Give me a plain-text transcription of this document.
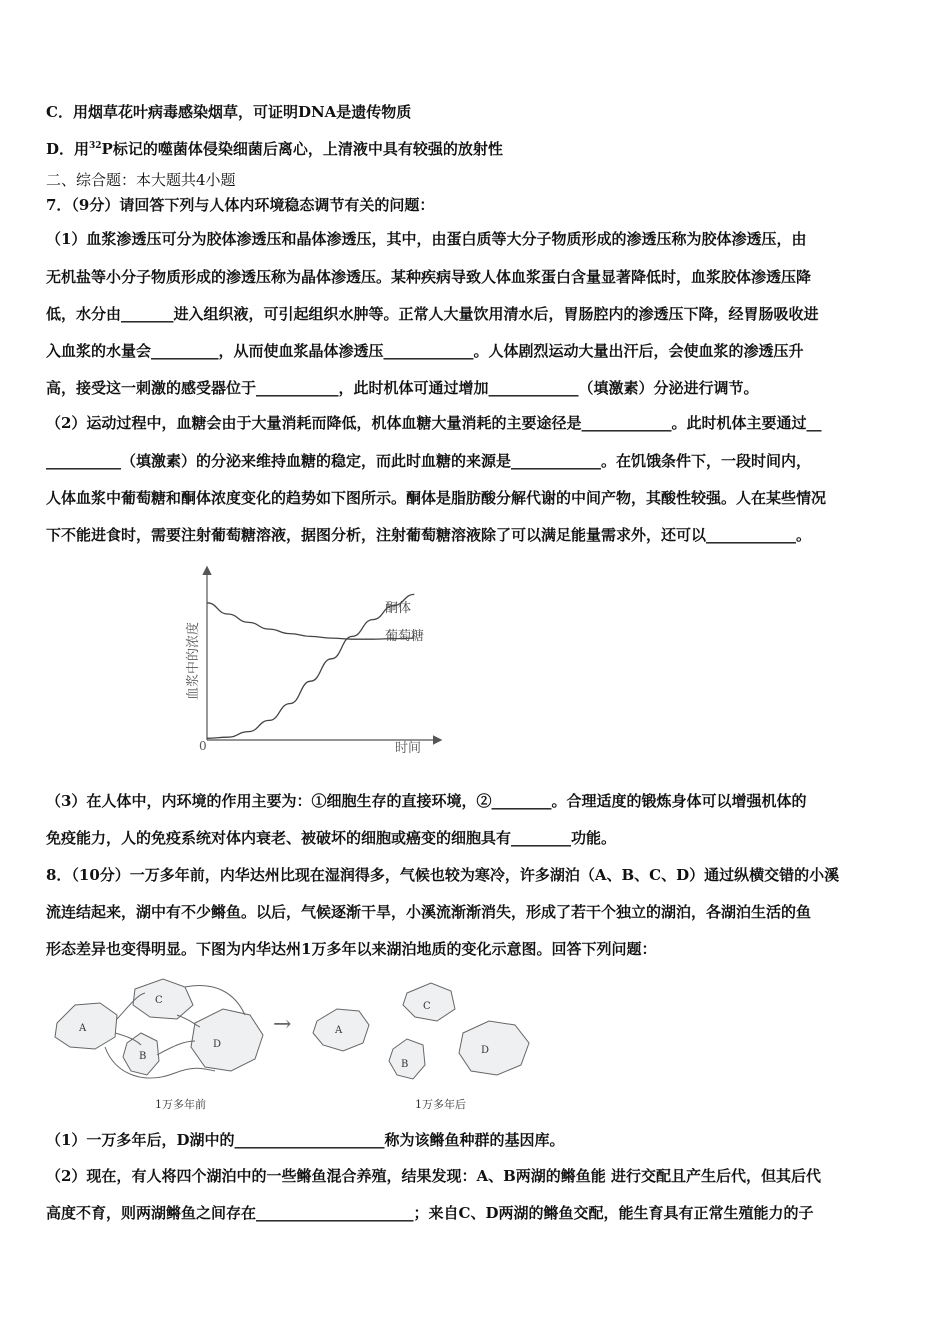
C．用烟草花叶病毒感染烟草，可证明DNA是遗传物质
D．用$^{32}$P标记的噬菌体侵染细菌后离心，上清液中具有较强的放射性
二、综合题：本大题共4小题
7．（9分）请回答下列与人体内环境稳态调节有关的问题：
（1）血浆渗透压可分为胶体渗透压和晶体渗透压，其中，由蛋白质等大分子物质形成的渗透压称为胶体渗透压，由
无机盐等小分子物质形成的渗透压称为晶体渗透压。某种疾病导致人体血浆蛋白含量显著降低时，血浆胶体渗透压降
低，水分由_______进入组织液，可引起组织水肿等。正常人大量饮用清水后，胃肠腔内的渗透压下降，经胃肠吸收进
入血浆的水量会_________，从而使血浆晶体渗透压____________。人体剧烈运动大量出汗后，会使血浆的渗透压升
高，接受这一刺激的感受器位于___________，此时机体可通过增加____________（填激素）分泌进行调节。
（2）运动过程中，血糖会由于大量消耗而降低，机体血糖大量消耗的主要途径是____________。此时机体主要通过__
__________（填激素）的分泌来维持血糖的稳定，而此时血糖的来源是____________。在饥饿条件下，一段时间内，
人体血浆中葡萄糖和酮体浓度变化的趋势如下图所示。酮体是脂肪酸分解代谢的中间产物，其酸性较强。人在某些情况
下不能进食时，需要注射葡萄糖溶液，据图分析，注射葡萄糖溶液除了可以满足能量需求外，还可以____________。
血浆中的浓度
时间
0
酮体
葡萄糖
（3）在人体中，内环境的作用主要为：①细胞生存的直接环境，②________。合理适度的锻炼身体可以增强机体的
免疫能力，人的免疫系统对体内衰老、被破坏的细胞或癌变的细胞具有________功能。
8．（10分）一万多年前，内华达州比现在湿润得多，气候也较为寒冷，许多湖泊（A、B、C、D）通过纵横交错的小溪
流连结起来，湖中有不少鳉鱼。以后，气候逐渐干旱，小溪流渐渐消失，形成了若干个独立的湖泊，各湖泊生活的鱼
形态差异也变得明显。下图为内华达州1万多年以来湖泊地质的变化示意图。回答下列问题：
A
B
C
D
1万多年前
→	A
B
C
D
1万多年后
（1）一万多年后，D湖中的____________________称为该鳉鱼种群的基因库。
（2）现在，有人将四个湖泊中的一些鳉鱼混合养殖，结果发现：A、B两湖的鳉鱼能 进行交配且产生后代，但其后代
高度不育，则两湖鳉鱼之间存在_____________________；来自C、D两湖的鳉鱼交配，能生育具有正常生殖能力的子
